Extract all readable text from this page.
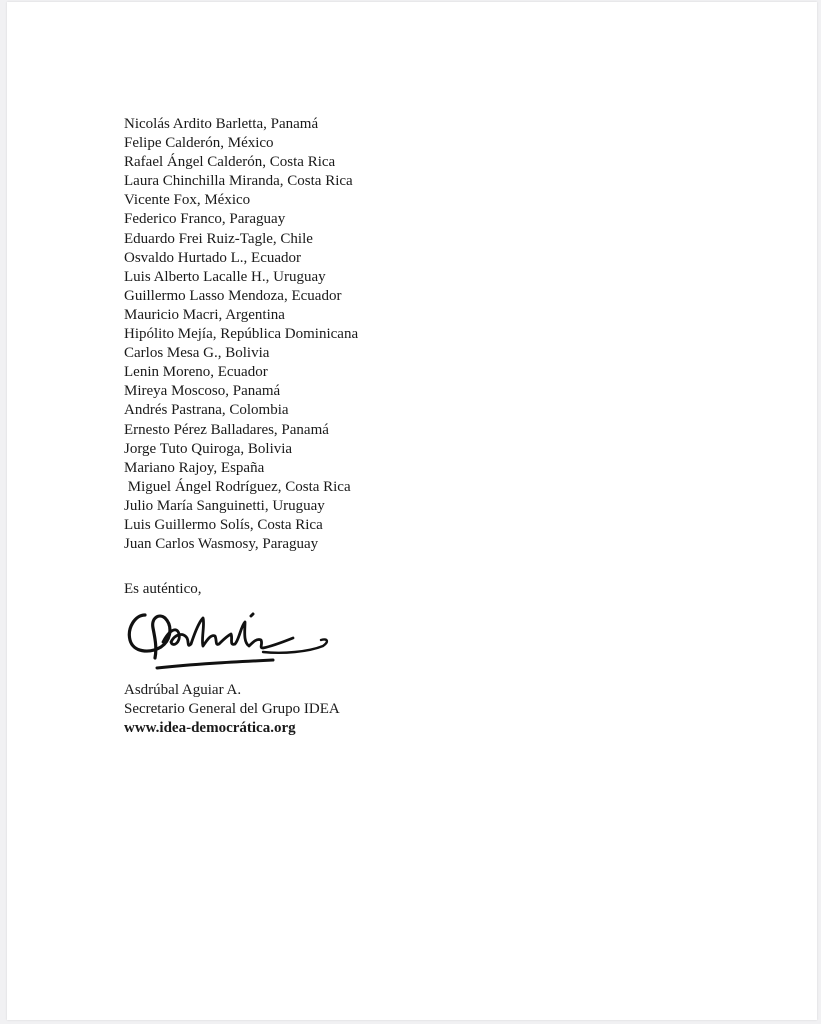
Nicolás Ardito Barletta, Panamá
Felipe Calderón, México
Rafael Ángel Calderón, Costa Rica
Laura Chinchilla Miranda, Costa Rica
Vicente Fox, México
Federico Franco, Paraguay
Eduardo Frei Ruiz-Tagle, Chile
Osvaldo Hurtado L., Ecuador
Luis Alberto Lacalle H., Uruguay
Guillermo Lasso Mendoza, Ecuador
Mauricio Macri, Argentina
Hipólito Mejía, República Dominicana
Carlos Mesa G., Bolivia
Lenin Moreno, Ecuador
Mireya Moscoso, Panamá
Andrés Pastrana, Colombia
Ernesto Pérez Balladares, Panamá
Jorge Tuto Quiroga, Bolivia
Mariano Rajoy, España
Miguel Ángel Rodríguez, Costa Rica
Julio María Sanguinetti, Uruguay
Luis Guillermo Solís, Costa Rica
Juan Carlos Wasmosy, Paraguay
Es auténtico,
Asdrúbal Aguiar A.
Secretario General del Grupo IDEA
www.idea-democrática.org
